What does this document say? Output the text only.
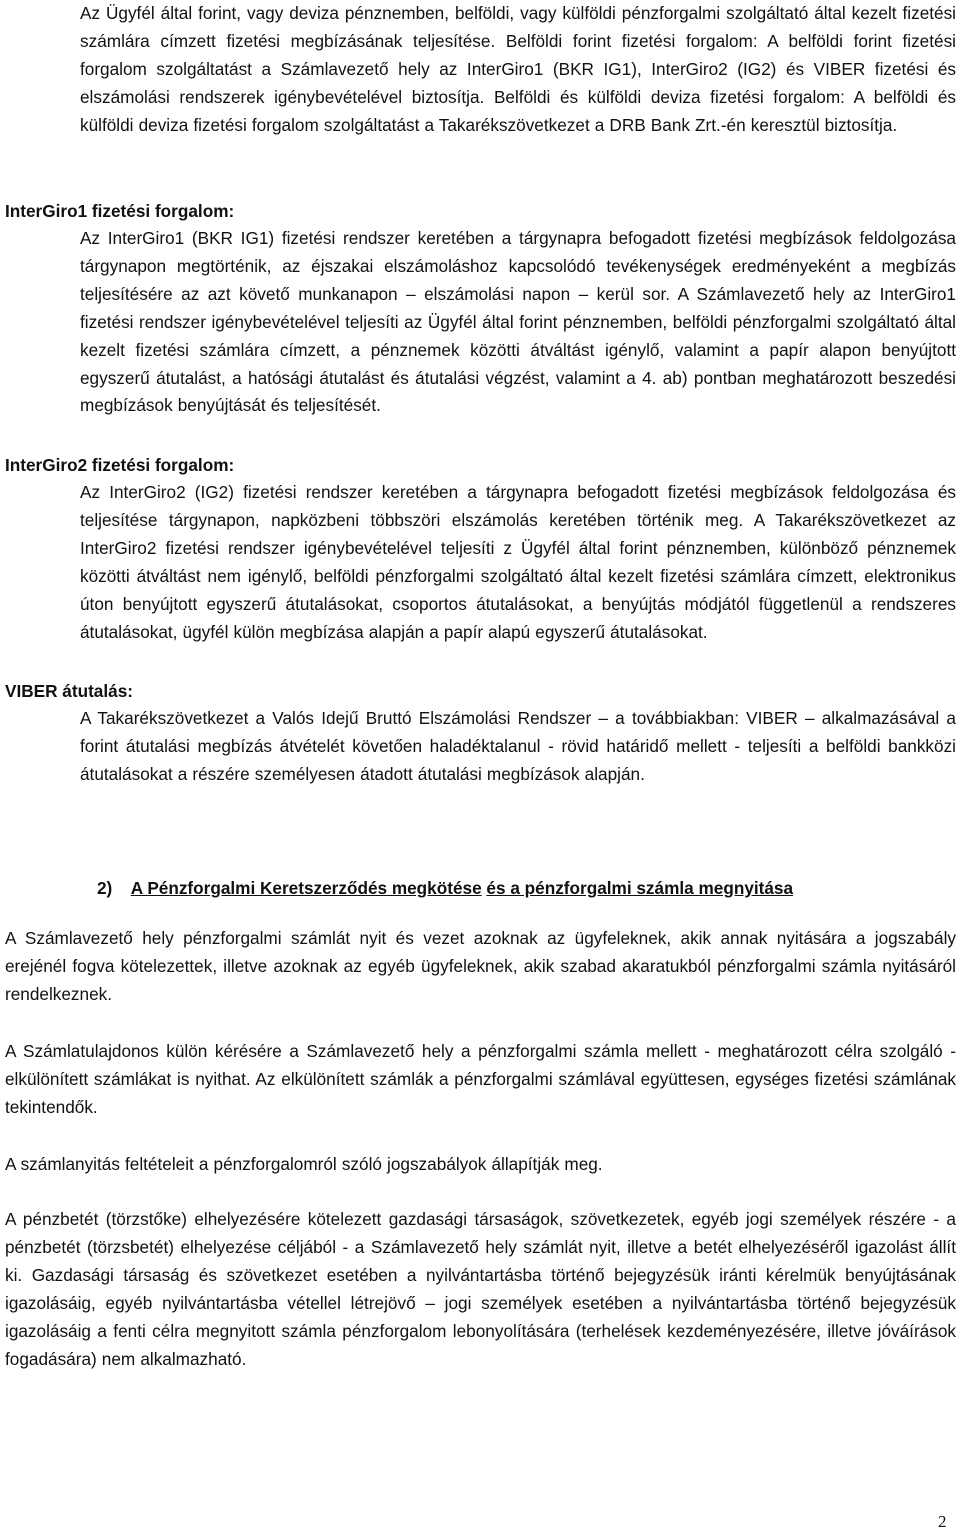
Az Ügyfél által forint, vagy deviza pénznemben, belföldi, vagy külföldi pénzforgalmi szolgáltató által kezelt fizetési számlára címzett fizetési megbízásának teljesítése. Belföldi forint fizetési forgalom: A belföldi forint fizetési forgalom szolgáltatást a Számlavezető hely az InterGiro1 (BKR IG1), InterGiro2 (IG2) és VIBER fizetési és elszámolási rendszerek igénybevételével biztosítja. Belföldi és külföldi deviza fizetési forgalom: A belföldi és külföldi deviza fizetési forgalom szolgáltatást a Takarékszövetkezet a DRB Bank Zrt.-én keresztül biztosítja.

InterGiro1 fizetési forgalom:

Az InterGiro1 (BKR IG1) fizetési rendszer keretében a tárgynapra befogadott fizetési megbízások feldolgozása tárgynapon megtörténik, az éjszakai elszámoláshoz kapcsolódó tevékenységek eredményeként a megbízás teljesítésére az azt követő munkanapon – elszámolási napon – kerül sor. A Számlavezető hely az InterGiro1 fizetési rendszer igénybevételével teljesíti az Ügyfél által forint pénznemben, belföldi pénzforgalmi szolgáltató által kezelt fizetési számlára címzett, a pénznemek közötti átváltást igénylő, valamint a papír alapon benyújtott egyszerű átutalást, a hatósági átutalást és átutalási végzést, valamint a 4. ab) pontban meghatározott beszedési megbízások benyújtását és teljesítését.

InterGiro2 fizetési forgalom:

Az InterGiro2 (IG2) fizetési rendszer keretében a tárgynapra befogadott fizetési megbízások feldolgozása és teljesítése tárgynapon, napközbeni többszöri elszámolás keretében történik meg. A Takarékszövetkezet az InterGiro2 fizetési rendszer igénybevételével teljesíti z Ügyfél által forint pénznemben, különböző pénznemek közötti átváltást nem igénylő, belföldi pénzforgalmi szolgáltató által kezelt fizetési számlára címzett, elektronikus úton benyújtott egyszerű átutalásokat, csoportos átutalásokat, a benyújtás módjától függetlenül a rendszeres átutalásokat, ügyfél külön megbízása alapján a papír alapú egyszerű átutalásokat.

VIBER átutalás:

A Takarékszövetkezet a Valós Idejű Bruttó Elszámolási Rendszer – a továbbiakban: VIBER – alkalmazásával a forint átutalási megbízás átvételét követően haladéktalanul - rövid határidő mellett - teljesíti a belföldi bankközi átutalásokat a részére személyesen átadott átutalási megbízások alapján.

2) A Pénzforgalmi Keretszerződés megkötése és a pénzforgalmi számla megnyitása

A Számlavezető hely pénzforgalmi számlát nyit és vezet azoknak az ügyfeleknek, akik annak nyitására a jogszabály erejénél fogva kötelezettek, illetve azoknak az egyéb ügyfeleknek, akik szabad akaratukból pénzforgalmi számla nyitásáról rendelkeznek.

A Számlatulajdonos külön kérésére a Számlavezető hely a pénzforgalmi számla mellett - meghatározott célra szolgáló - elkülönített számlákat is nyithat. Az elkülönített számlák a pénzforgalmi számlával együttesen, egységes fizetési számlának tekintendők.

A számlanyitás feltételeit a pénzforgalomról szóló jogszabályok állapítják meg.

A pénzbetét (törzstőke) elhelyezésére kötelezett gazdasági társaságok, szövetkezetek, egyéb jogi személyek részére - a pénzbetét (törzsbetét) elhelyezése céljából - a Számlavezető hely számlát nyit, illetve a betét elhelyezéséről igazolást állít ki. Gazdasági társaság és szövetkezet esetében a nyilvántartásba történő bejegyzésük iránti kérelmük benyújtásának igazolásáig, egyéb nyilvántartásba vétellel létrejövő – jogi személyek esetében a nyilvántartásba történő bejegyzésük igazolásáig a fenti célra megnyitott számla pénzforgalom lebonyolítására (terhelések kezdeményezésére, illetve jóváírások fogadására) nem alkalmazható.

2
